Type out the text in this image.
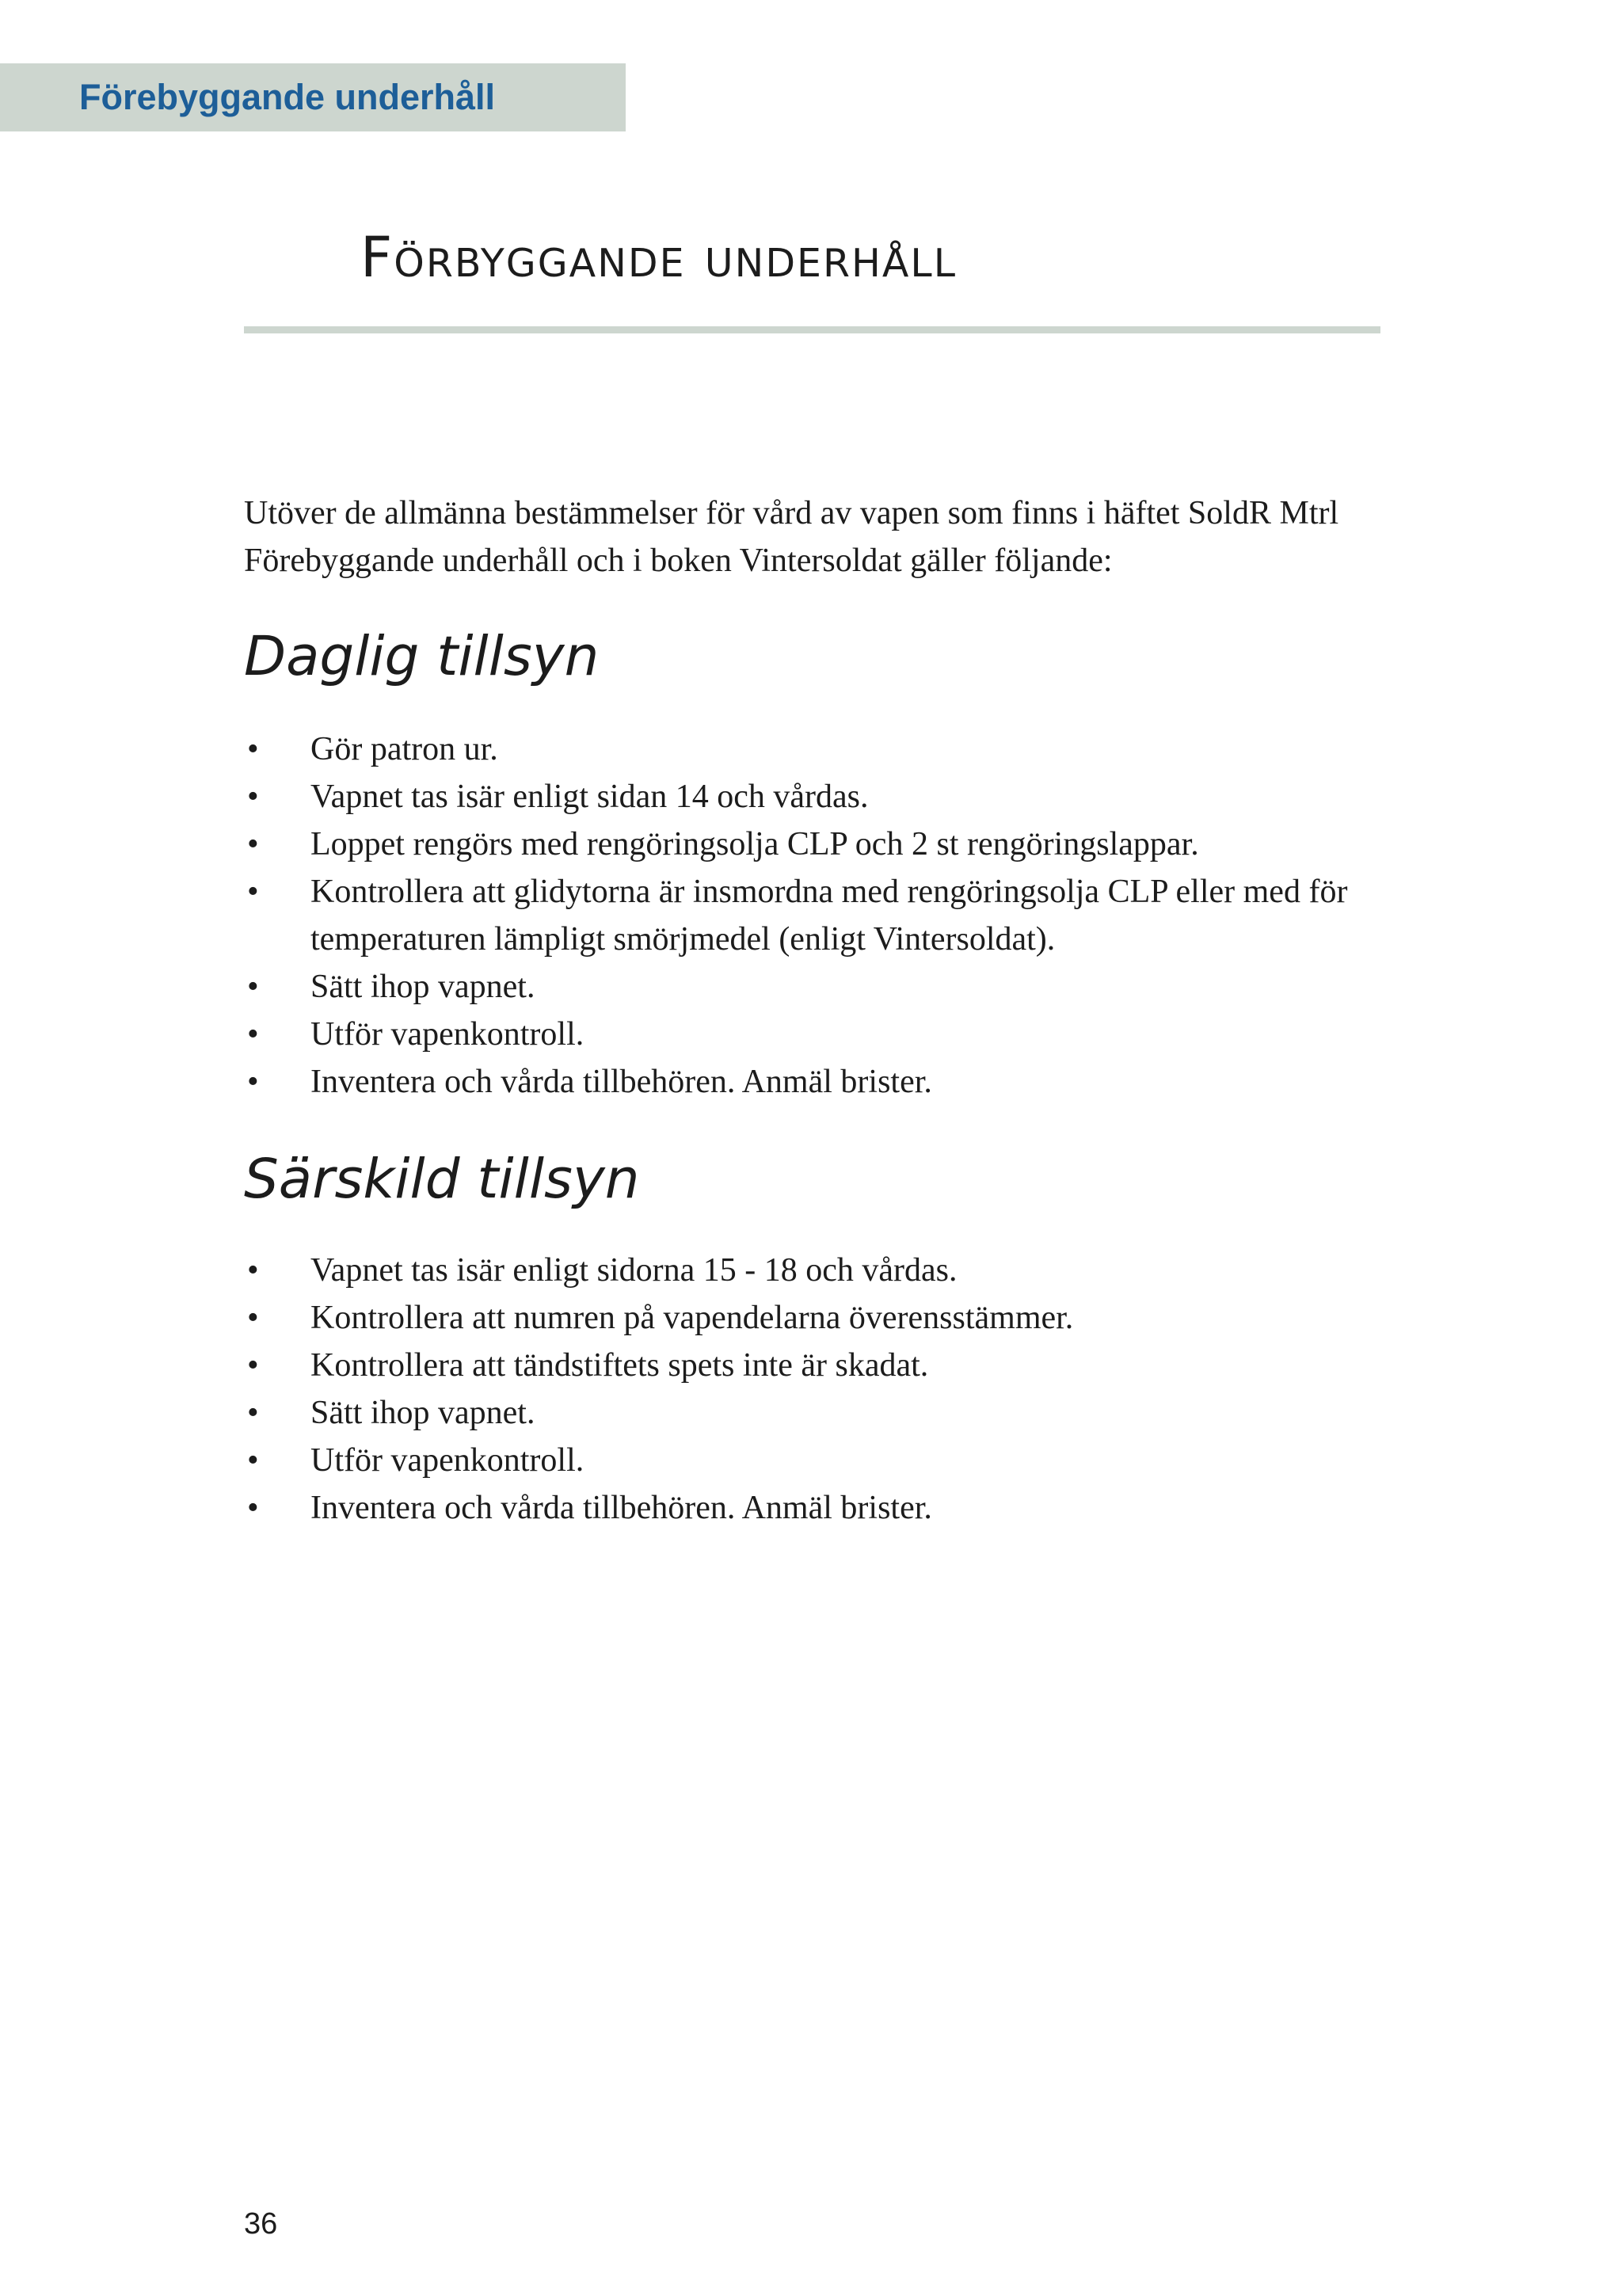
Förebyggande underhåll
Förbyggande underhåll

Utöver de allmänna bestämmelser för vård av vapen som finns i häftet SoldR Mtrl Förebyggande underhåll och i boken Vintersoldat gäller följande:

Daglig tillsyn
• Gör patron ur.
• Vapnet tas isär enligt sidan 14 och vårdas.
• Loppet rengörs med rengöringsolja CLP och 2 st rengöringslappar.
• Kontrollera att glidytorna är insmordna med rengöringsolja CLP eller med för temperaturen lämpligt smörjmedel (enligt Vintersoldat).
• Sätt ihop vapnet.
• Utför vapenkontroll.
• Inventera och vårda tillbehören. Anmäl brister.
Särskild tillsyn
• Vapnet tas isär enligt sidorna 15 - 18 och vårdas.
• Kontrollera att numren på vapendelarna överensstämmer.
• Kontrollera att tändstiftets spets inte är skadat.
• Sätt ihop vapnet.
• Utför vapenkontroll.
• Inventera och vårda tillbehören. Anmäl brister.
36
